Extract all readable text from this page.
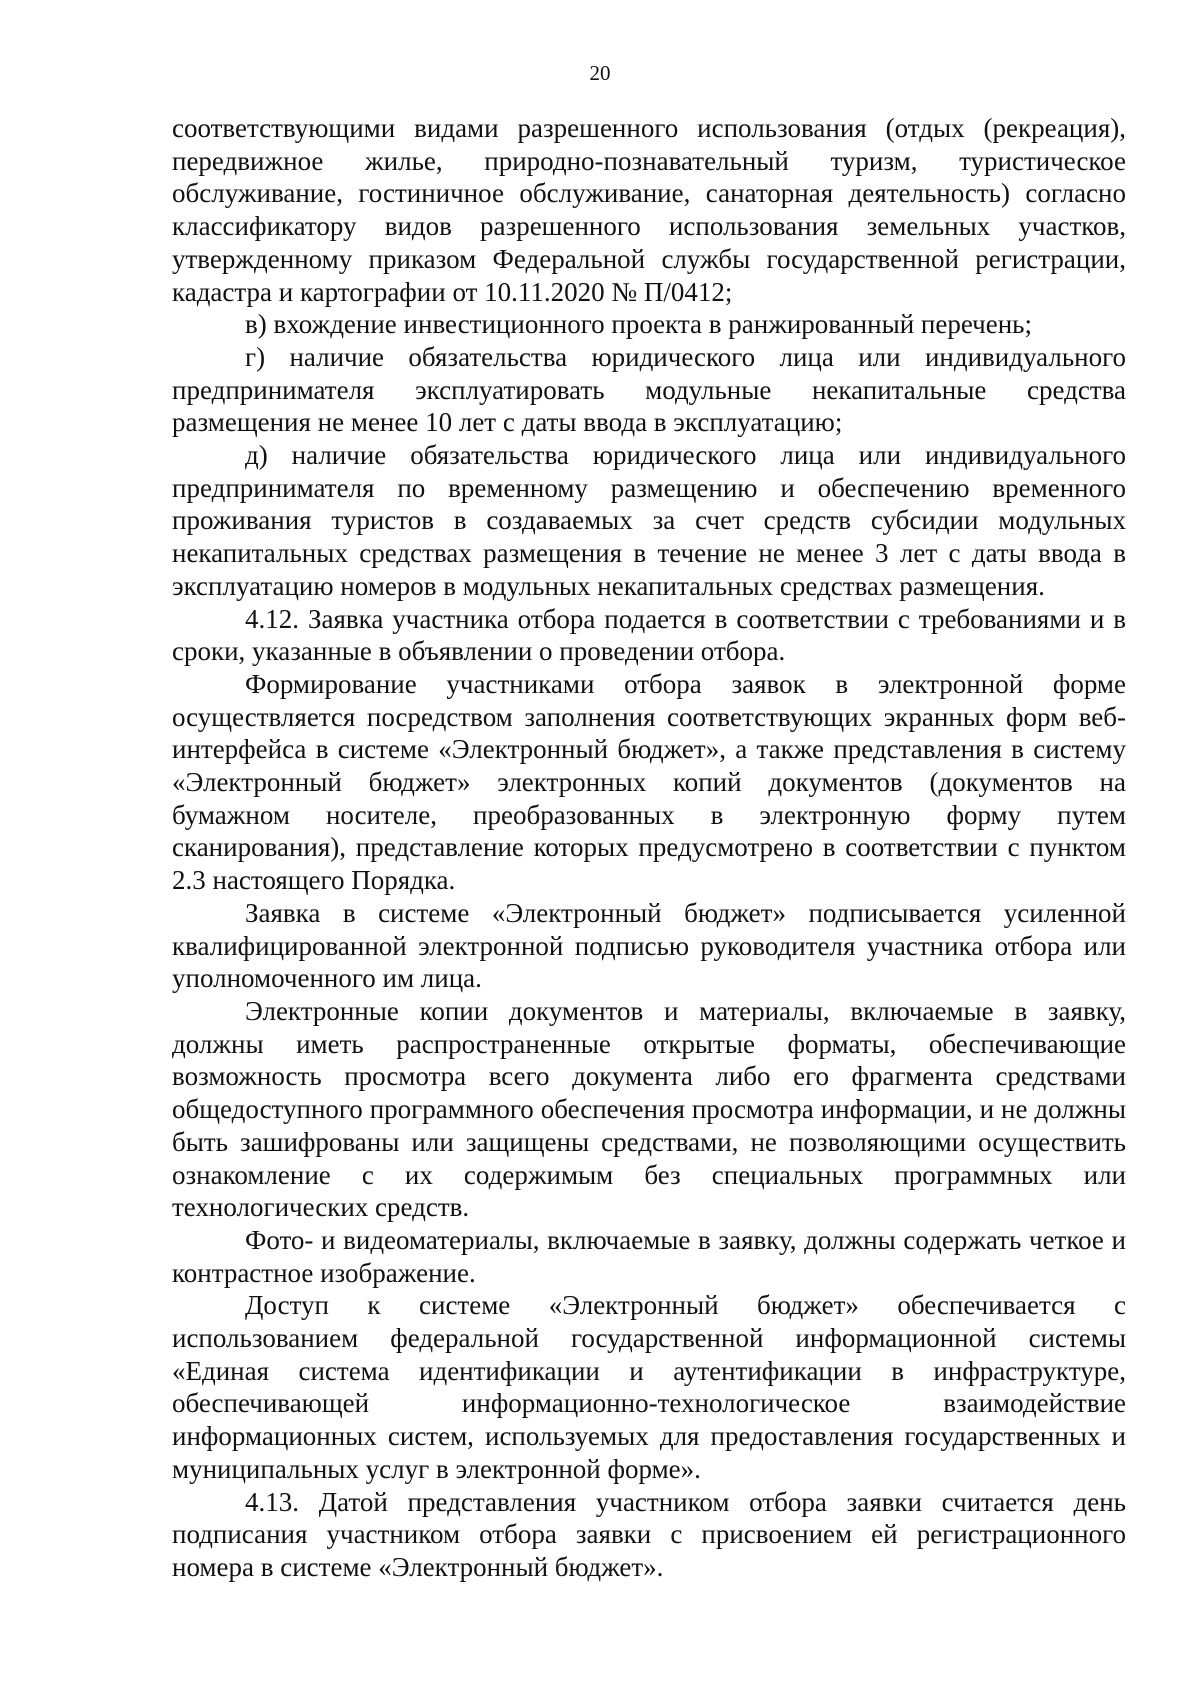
20

соответствующими видами разрешенного использования (отдых (рекреация), передвижное жилье, природно-познавательный туризм, туристическое обслуживание, гостиничное обслуживание, санаторная деятельность) согласно классификатору видов разрешенного использования земельных участков, утвержденному приказом Федеральной службы государственной регистрации, кадастра и картографии от 10.11.2020 № П/0412;

в) вхождение инвестиционного проекта в ранжированный перечень;

г) наличие обязательства юридического лица или индивидуального предпринимателя эксплуатировать модульные некапитальные средства размещения не менее 10 лет с даты ввода в эксплуатацию;

д) наличие обязательства юридического лица или индивидуального предпринимателя по временному размещению и обеспечению временного проживания туристов в создаваемых за счет средств субсидии модульных некапитальных средствах размещения в течение не менее 3 лет с даты ввода в эксплуатацию номеров в модульных некапитальных средствах размещения.

4.12. Заявка участника отбора подается в соответствии с требованиями и в сроки, указанные в объявлении о проведении отбора.

Формирование участниками отбора заявок в электронной форме осуществляется посредством заполнения соответствующих экранных форм веб-интерфейса в системе «Электронный бюджет», а также представления в систему «Электронный бюджет» электронных копий документов (документов на бумажном носителе, преобразованных в электронную форму путем сканирования), представление которых предусмотрено в соответствии с пунктом 2.3 настоящего Порядка.

Заявка в системе «Электронный бюджет» подписывается усиленной квалифицированной электронной подписью руководителя участника отбора или уполномоченного им лица.

Электронные копии документов и материалы, включаемые в заявку, должны иметь распространенные открытые форматы, обеспечивающие возможность просмотра всего документа либо его фрагмента средствами общедоступного программного обеспечения просмотра информации, и не должны быть зашифрованы или защищены средствами, не позволяющими осуществить ознакомление с их содержимым без специальных программных или технологических средств.

Фото- и видеоматериалы, включаемые в заявку, должны содержать четкое и контрастное изображение.

Доступ к системе «Электронный бюджет» обеспечивается с использованием федеральной государственной информационной системы «Единая система идентификации и аутентификации в инфраструктуре, обеспечивающей информационно-технологическое взаимодействие информационных систем, используемых для предоставления государственных и муниципальных услуг в электронной форме».

4.13. Датой представления участником отбора заявки считается день подписания участником отбора заявки с присвоением ей регистрационного номера в системе «Электронный бюджет».
